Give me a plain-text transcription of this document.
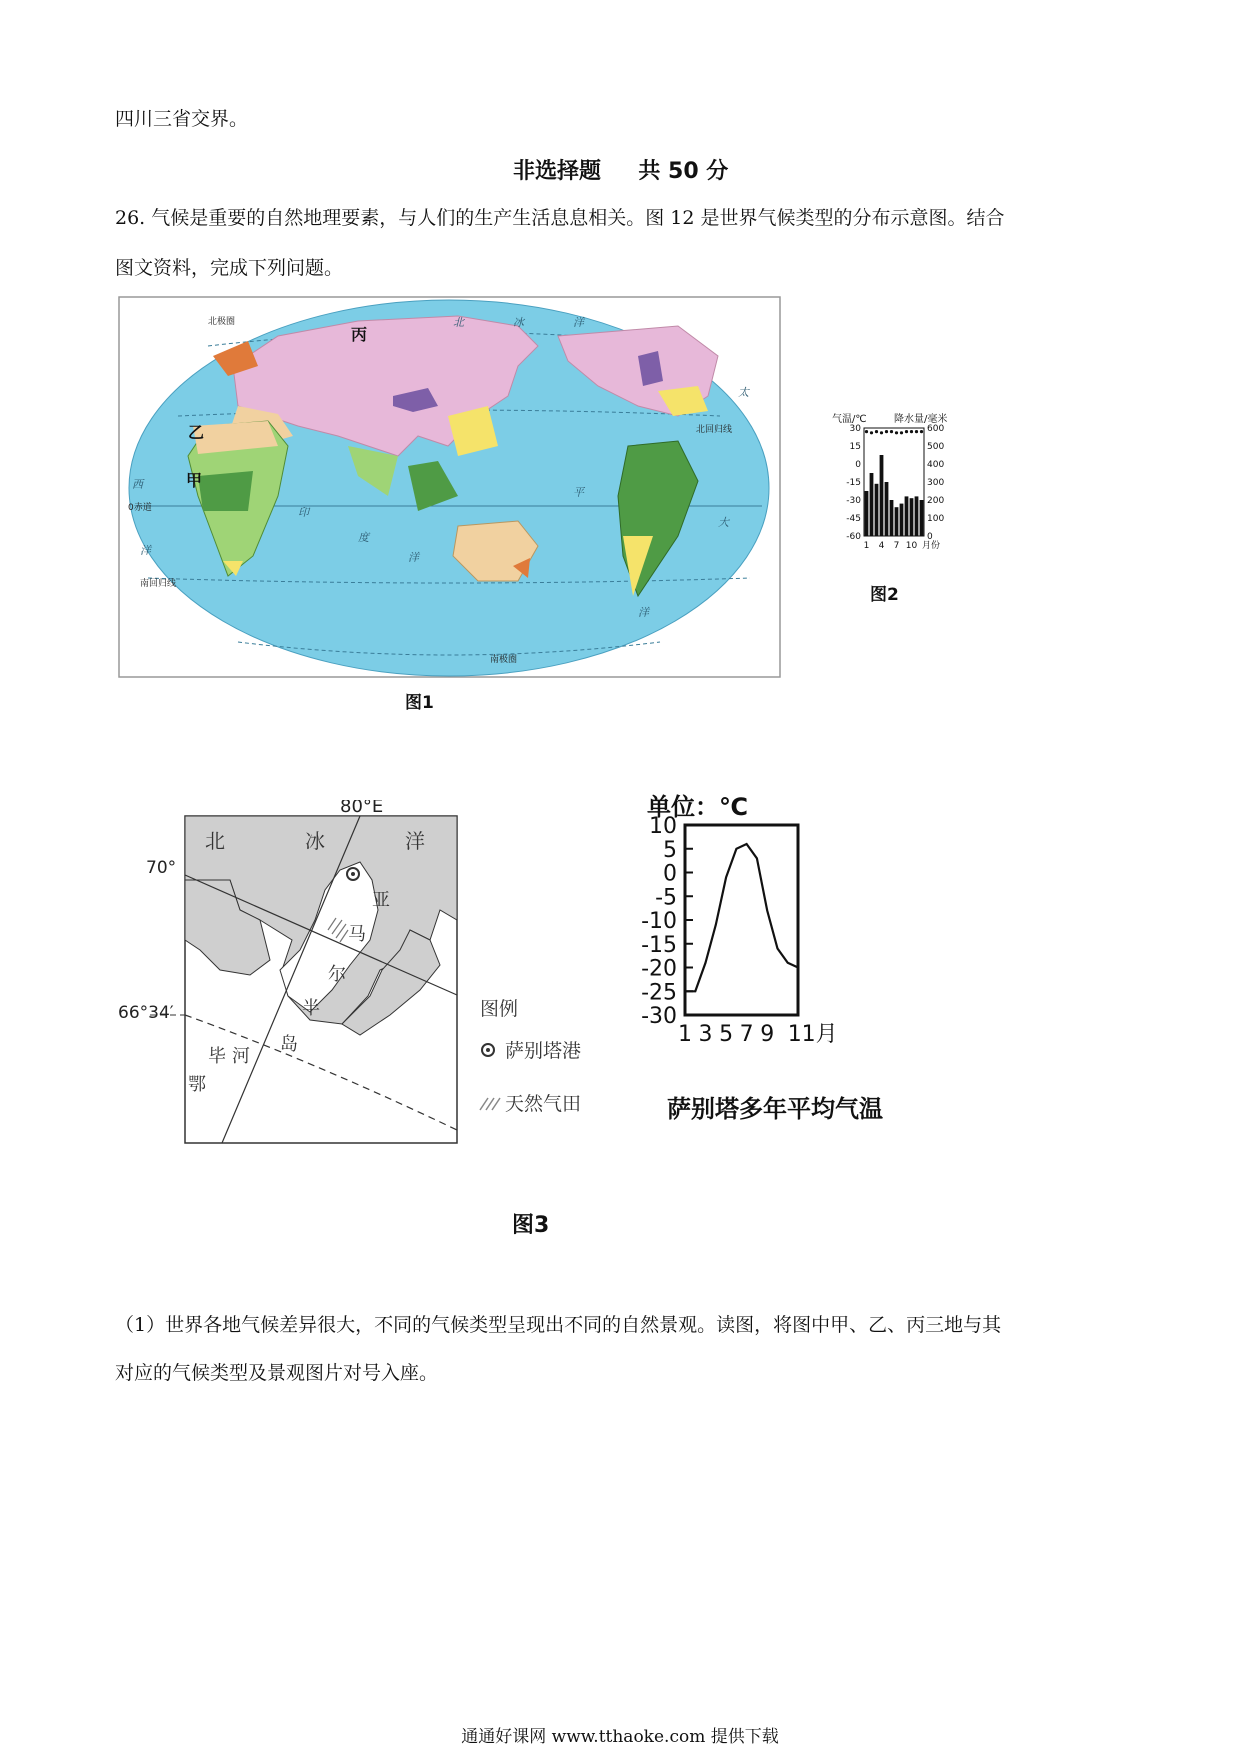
四川三省交界。
非选择题 共 50 分
26. 气候是重要的自然地理要素，与人们的生产生活息息相关。图 12 是世界气候类型的分布示意图。结合
图文资料，完成下列问题。
丙
乙
甲
北极圈
北回归线
南回归线
南极圈
0赤道
北	冰	洋
太
平
洋
印
度
洋
大
西
洋
图1
气温/℃	降水量/毫米
30
15
0
-15
-30
-45
-60
600
500
400
300
200
100
0
1 4 7 10 月份
图2
80°E
70°
66°34′
北	冰	洋
亚
马
尔
半
岛
鄂
毕 河
图例
萨别塔港
天然气田
单位：℃
萨别塔多年平均气温
10
5
0
-5
-10
-15
-20
-25
-30
1 3 5 7 9 11月
图3
（1）世界各地气候差异很大，不同的气候类型呈现出不同的自然景观。读图，将图中甲、乙、丙三地与其
对应的气候类型及景观图片对号入座。
通通好课网 www.tthaoke.com 提供下载
